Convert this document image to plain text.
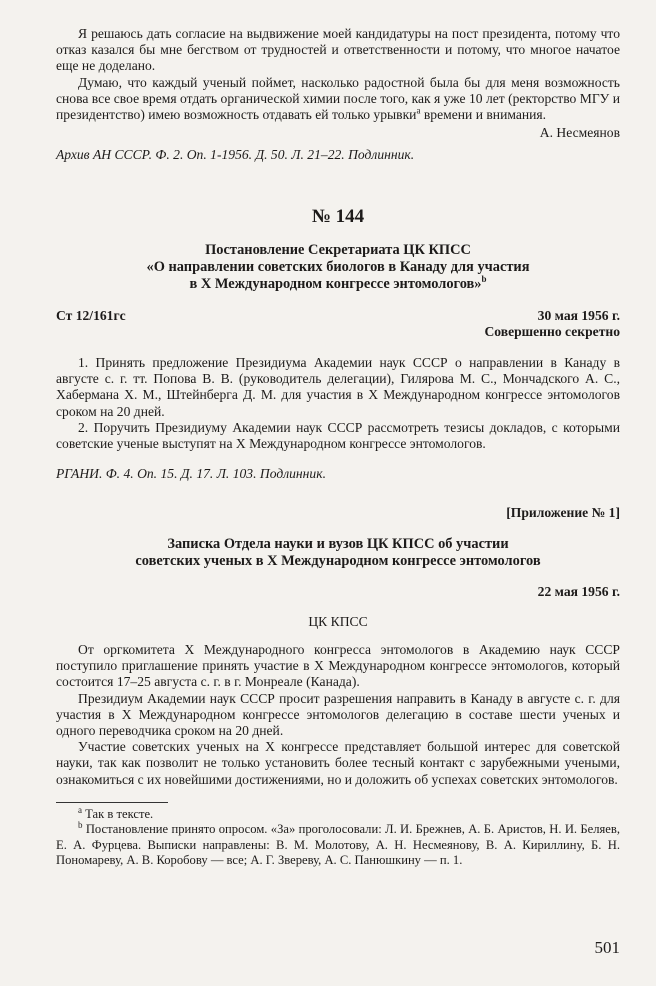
Я решаюсь дать согласие на выдвижение моей кандидатуры на пост президента, потому что отказ казался бы мне бегством от трудностей и ответственности и потому, что многое начатое еще не доделано.

Думаю, что каждый ученый поймет, насколько радостной была бы для меня возможность снова все свое время отдать органической химии после того, как я уже 10 лет (ректорство МГУ и президентство) имею возможность отдавать ей только урывки$^а$ времени и внимания.

А. Несмеянов

Архив АН СССР. Ф. 2. Оп. 1-1956. Д. 50. Л. 21–22. Подлинник.

№ 144
Постановление Секретариата ЦК КПСС
«О направлении советских биологов в Канаду для участия
в X Международном конгрессе энтомологов»$^b$
Ст 12/161гс	30 мая 1956 г.

Совершенно секретно

1. Принять предложение Президиума Академии наук СССР о направлении в Канаду в августе с. г. тт. Попова В. В. (руководитель делегации), Гилярова М. С., Мончадского А. С., Хабермана Х. М., Штейнберга Д. М. для участия в X Международном конгрессе энтомологов сроком на 20 дней.

2. Поручить Президиуму Академии наук СССР рассмотреть тезисы докладов, с которыми советские ученые выступят на X Международном конгрессе энтомологов.

РГАНИ. Ф. 4. Оп. 15. Д. 17. Л. 103. Подлинник.

[Приложение № 1]

Записка Отдела науки и вузов ЦК КПСС об участии
советских ученых в X Международном конгрессе энтомологов

22 мая 1956 г.

ЦК КПСС

От оргкомитета X Международного конгресса энтомологов в Академию наук СССР поступило приглашение принять участие в X Международном конгрессе энтомологов, который состоится 17–25 августа с. г. в г. Монреале (Канада).

Президиум Академии наук СССР просит разрешения направить в Канаду в августе с. г. для участия в X Международном конгрессе энтомологов делегацию в составе шести ученых и одного переводчика сроком на 20 дней.

Участие советских ученых на X конгрессе представляет большой интерес для советской науки, так как позволит не только установить более тесный контакт с зарубежными учеными, ознакомиться с их новейшими достижениями, но и доложить об успехах советских энтомологов.

$^а$ Так в тексте.

$^b$ Постановление принято опросом. «За» проголосовали: Л. И. Брежнев, А. Б. Аристов, Н. И. Беляев, Е. А. Фурцева. Выписки направлены: В. М. Молотову, А. Н. Несмеянову, В. А. Кириллину, Б. Н. Пономареву, А. В. Коробову — все; А. Г. Звереву, А. С. Панюшкину — п. 1.

501
